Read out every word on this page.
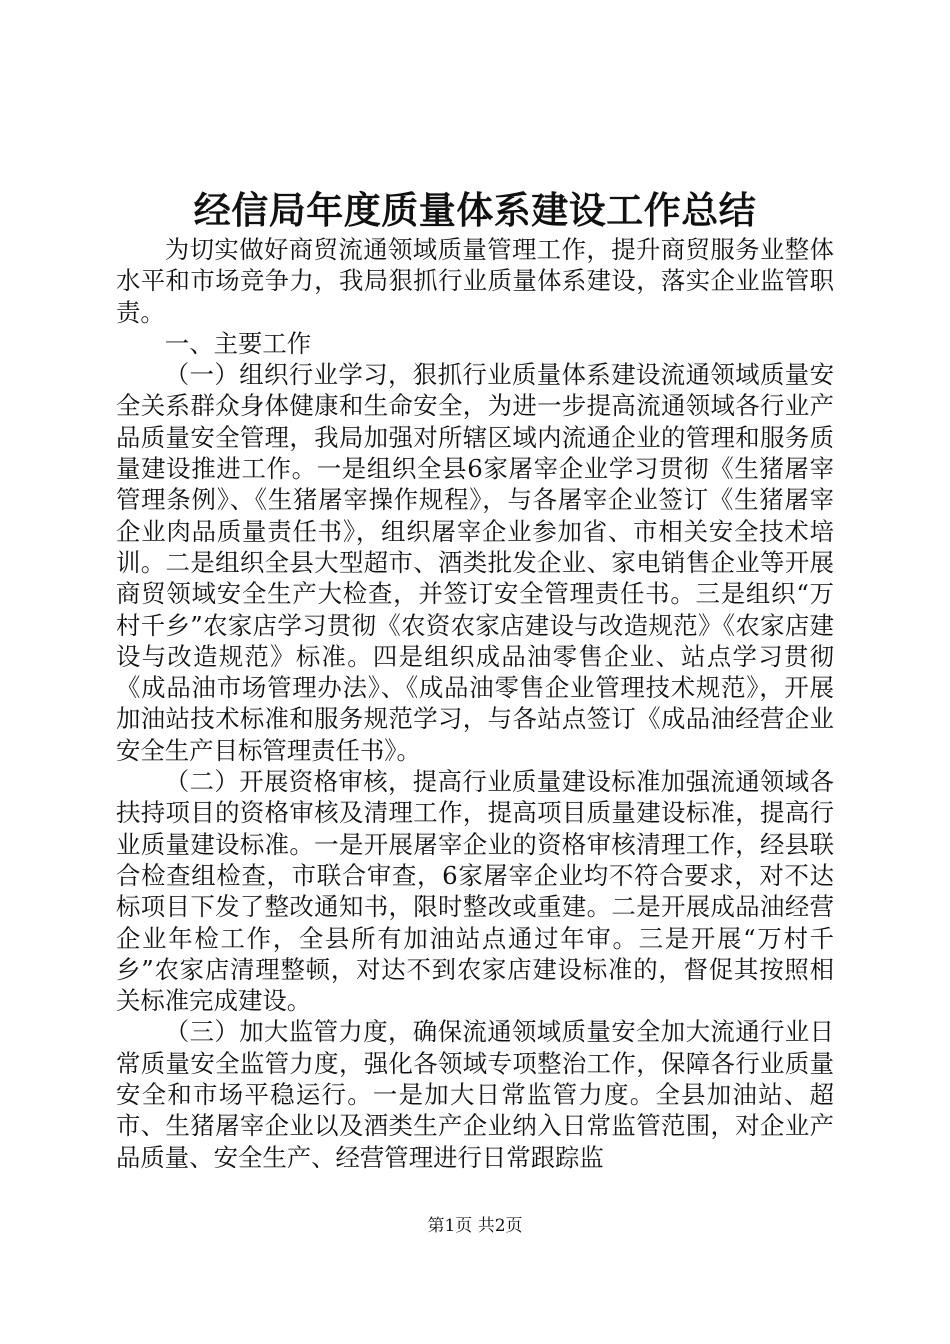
经信局年度质量体系建设工作总结

为切实做好商贸流通领域质量管理工作，提升商贸服务业整体水平和市场竞争力，我局狠抓行业质量体系建设，落实企业监管职责。

一、主要工作

（一）组织行业学习，狠抓行业质量体系建设流通领域质量安全关系群众身体健康和生命安全，为进一步提高流通领域各行业产品质量安全管理，我局加强对所辖区域内流通企业的管理和服务质量建设推进工作。一是组织全县6家屠宰企业学习贯彻《生猪屠宰管理条例》、《生猪屠宰操作规程》，与各屠宰企业签订《生猪屠宰企业肉品质量责任书》，组织屠宰企业参加省、市相关安全技术培训。二是组织全县大型超市、酒类批发企业、家电销售企业等开展商贸领域安全生产大检查，并签订安全管理责任书。三是组织“万村千乡”农家店学习贯彻《农资农家店建设与改造规范》《农家店建设与改造规范》标准。四是组织成品油零售企业、站点学习贯彻《成品油市场管理办法》、《成品油零售企业管理技术规范》，开展加油站技术标准和服务规范学习，与各站点签订《成品油经营企业安全生产目标管理责任书》。

（二）开展资格审核，提高行业质量建设标准加强流通领域各扶持项目的资格审核及清理工作，提高项目质量建设标准，提高行业质量建设标准。一是开展屠宰企业的资格审核清理工作，经县联合检查组检查，市联合审查，6家屠宰企业均不符合要求，对不达标项目下发了整改通知书，限时整改或重建。二是开展成品油经营企业年检工作，全县所有加油站点通过年审。三是开展“万村千乡”农家店清理整顿，对达不到农家店建设标准的，督促其按照相关标准完成建设。

（三）加大监管力度，确保流通领域质量安全加大流通行业日常质量安全监管力度，强化各领域专项整治工作，保障各行业质量安全和市场平稳运行。一是加大日常监管力度。全县加油站、超市、生猪屠宰企业以及酒类生产企业纳入日常监管范围，对企业产品质量、安全生产、经营管理进行日常跟踪监

第1页 共2页
